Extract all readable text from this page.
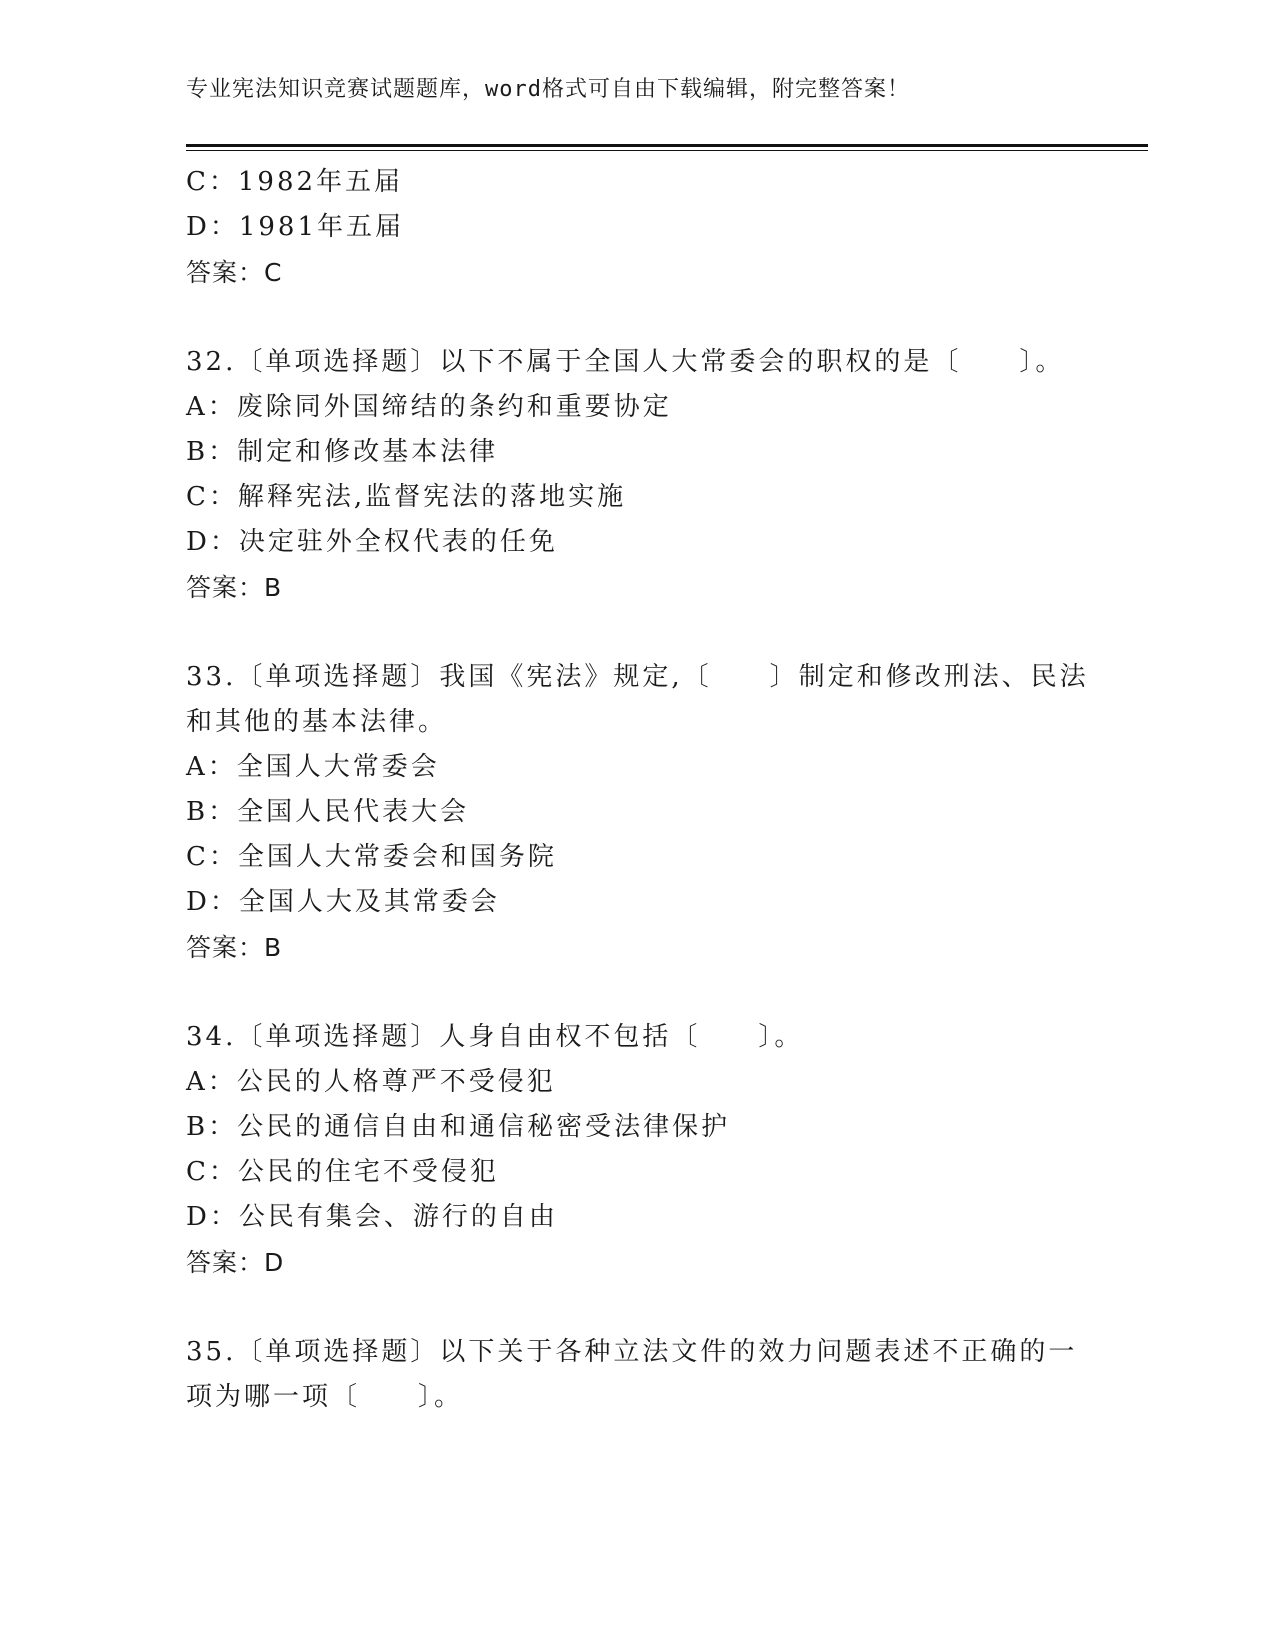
专业宪法知识竞赛试题题库，word格式可自由下载编辑，附完整答案！
C：1982年五届
D：1981年五届
答案：C
32.〔单项选择题〕以下不属于全国人大常委会的职权的是〔　　〕。
A：废除同外国缔结的条约和重要协定
B：制定和修改基本法律
C：解释宪法,监督宪法的落地实施
D：决定驻外全权代表的任免
答案：B
33.〔单项选择题〕我国《宪法》规定,〔　　〕制定和修改刑法、民法
和其他的基本法律。
A：全国人大常委会
B：全国人民代表大会
C：全国人大常委会和国务院
D：全国人大及其常委会
答案：B
34.〔单项选择题〕人身自由权不包括〔　　〕。
A：公民的人格尊严不受侵犯
B：公民的通信自由和通信秘密受法律保护
C：公民的住宅不受侵犯
D：公民有集会、游行的自由
答案：D
35.〔单项选择题〕以下关于各种立法文件的效力问题表述不正确的一
项为哪一项〔　　〕。
